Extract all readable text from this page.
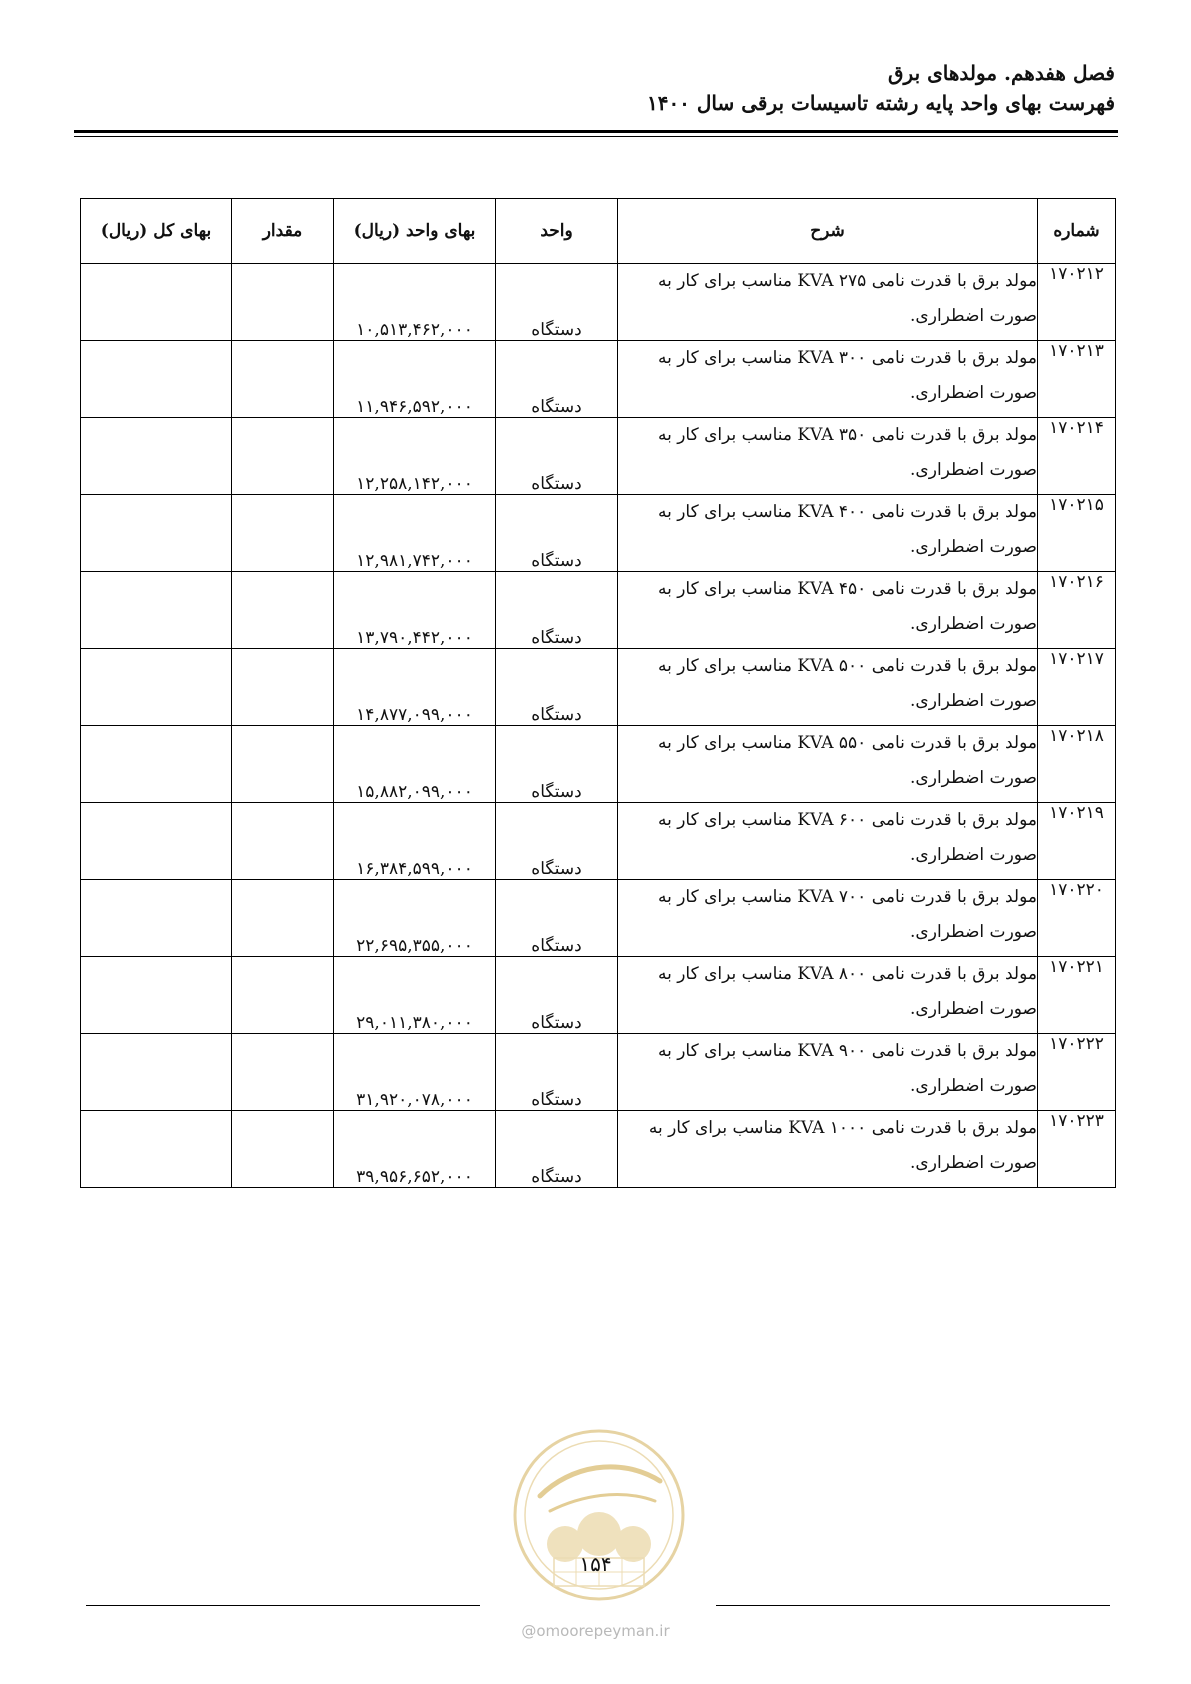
فصل هفدهم. مولدهای برق
فهرست بهای واحد پایه رشته تاسیسات برقی سال ۱۴۰۰
شماره	شرح	واحد	بهای واحد (ریال)	مقدار	بهای کل (ریال)
۱۷۰۲۱۲	مولد برق با قدرت نامی ۲۷۵ KVA مناسب برای کار به صورت اضطراری.	دستگاه	۱۰,۵۱۳,۴۶۲,۰۰۰		
۱۷۰۲۱۳	مولد برق با قدرت نامی ۳۰۰ KVA مناسب برای کار به صورت اضطراری.	دستگاه	۱۱,۹۴۶,۵۹۲,۰۰۰		
۱۷۰۲۱۴	مولد برق با قدرت نامی ۳۵۰ KVA مناسب برای کار به صورت اضطراری.	دستگاه	۱۲,۲۵۸,۱۴۲,۰۰۰		
۱۷۰۲۱۵	مولد برق با قدرت نامی ۴۰۰ KVA مناسب برای کار به صورت اضطراری.	دستگاه	۱۲,۹۸۱,۷۴۲,۰۰۰		
۱۷۰۲۱۶	مولد برق با قدرت نامی ۴۵۰ KVA مناسب برای کار به صورت اضطراری.	دستگاه	۱۳,۷۹۰,۴۴۲,۰۰۰		
۱۷۰۲۱۷	مولد برق با قدرت نامی ۵۰۰ KVA مناسب برای کار به صورت اضطراری.	دستگاه	۱۴,۸۷۷,۰۹۹,۰۰۰		
۱۷۰۲۱۸	مولد برق با قدرت نامی ۵۵۰ KVA مناسب برای کار به صورت اضطراری.	دستگاه	۱۵,۸۸۲,۰۹۹,۰۰۰		
۱۷۰۲۱۹	مولد برق با قدرت نامی ۶۰۰ KVA مناسب برای کار به صورت اضطراری.	دستگاه	۱۶,۳۸۴,۵۹۹,۰۰۰		
۱۷۰۲۲۰	مولد برق با قدرت نامی ۷۰۰ KVA مناسب برای کار به صورت اضطراری.	دستگاه	۲۲,۶۹۵,۳۵۵,۰۰۰		
۱۷۰۲۲۱	مولد برق با قدرت نامی ۸۰۰ KVA مناسب برای کار به صورت اضطراری.	دستگاه	۲۹,۰۱۱,۳۸۰,۰۰۰		
۱۷۰۲۲۲	مولد برق با قدرت نامی ۹۰۰ KVA مناسب برای کار به صورت اضطراری.	دستگاه	۳۱,۹۲۰,۰۷۸,۰۰۰		
۱۷۰۲۲۳	مولد برق با قدرت نامی ۱۰۰۰ KVA مناسب برای کار به صورت اضطراری.	دستگاه	۳۹,۹۵۶,۶۵۲,۰۰۰		
۱۵۴
@omoorepeyman.ir
